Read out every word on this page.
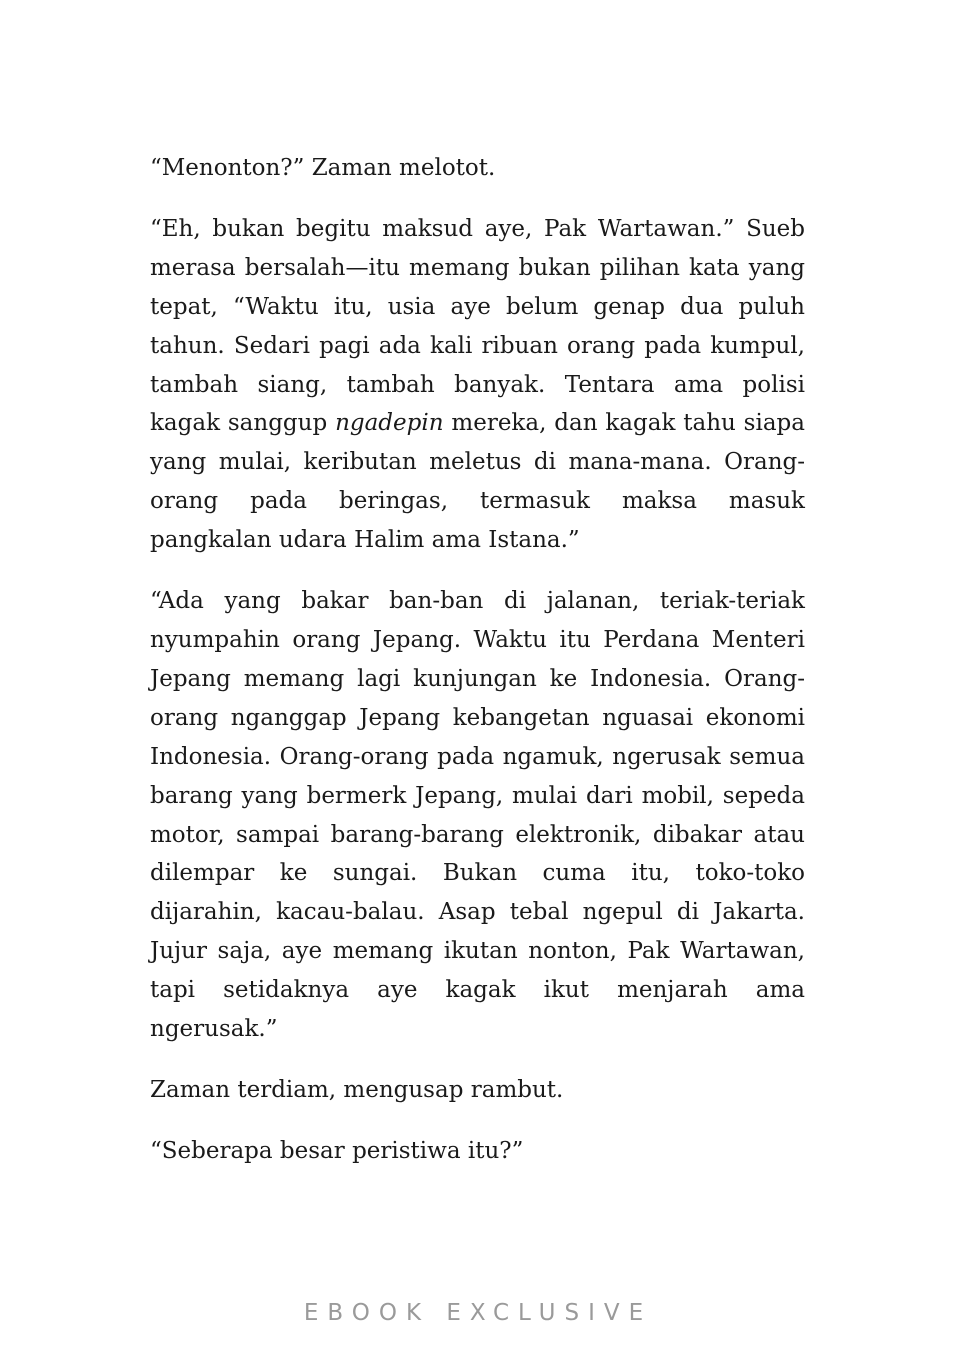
“Menonton?” Zaman melotot.

“Eh, bukan begitu maksud aye, Pak Wartawan.” Sueb merasa bersalah—itu memang bukan pilihan kata yang tepat, “Waktu itu, usia aye belum genap dua puluh tahun. Sedari pagi ada kali ribuan orang pada kumpul, tambah siang, tambah banyak. Tentara ama polisi kagak sanggup ngadepin mereka, dan kagak tahu siapa yang mulai, keributan meletus di mana-mana. Orang-orang pada beringas, termasuk maksa masuk pangkalan udara Halim ama Istana.”

“Ada yang bakar ban-ban di jalanan, teriak-teriak nyumpahin orang Jepang. Waktu itu Perdana Menteri Jepang memang lagi kunjungan ke Indonesia. Orang-orang nganggap Jepang kebangetan nguasai ekonomi Indonesia. Orang-orang pada ngamuk, ngerusak semua barang yang bermerk Jepang, mulai dari mobil, sepeda motor, sampai barang-barang elektronik, dibakar atau dilempar ke sungai. Bukan cuma itu, toko-toko dijarahin, kacau-balau. Asap tebal ngepul di Jakarta. Jujur saja, aye memang ikutan nonton, Pak Wartawan, tapi setidaknya aye kagak ikut menjarah ama ngerusak.”

Zaman terdiam, mengusap rambut.

“Seberapa besar peristiwa itu?”

EBOOK EXCLUSIVE
